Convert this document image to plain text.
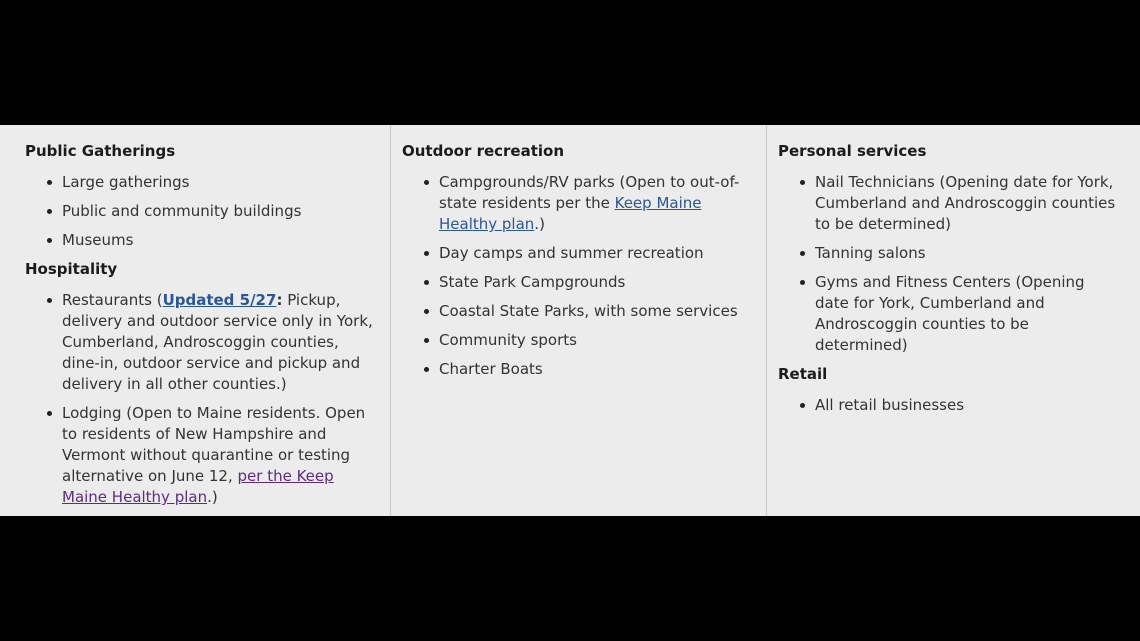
Public Gatherings
Large gatherings
Public and community buildings
Museums
Hospitality
Restaurants (Updated 5/27: Pickup, delivery and outdoor service only in York, Cumberland, Androscoggin counties, dine-in, outdoor service and pickup and delivery in all other counties.)
Lodging (Open to Maine residents. Open to residents of New Hampshire and Vermont without quarantine or testing alternative on June 12, per the Keep Maine Healthy plan.)
Outdoor recreation
Campgrounds/RV parks (Open to out-of-state residents per the Keep Maine Healthy plan.)
Day camps and summer recreation
State Park Campgrounds
Coastal State Parks, with some services
Community sports
Charter Boats
Personal services
Nail Technicians (Opening date for York, Cumberland and Androscoggin counties to be determined)
Tanning salons
Gyms and Fitness Centers (Opening date for York, Cumberland and Androscoggin counties to be determined)
Retail
All retail businesses
